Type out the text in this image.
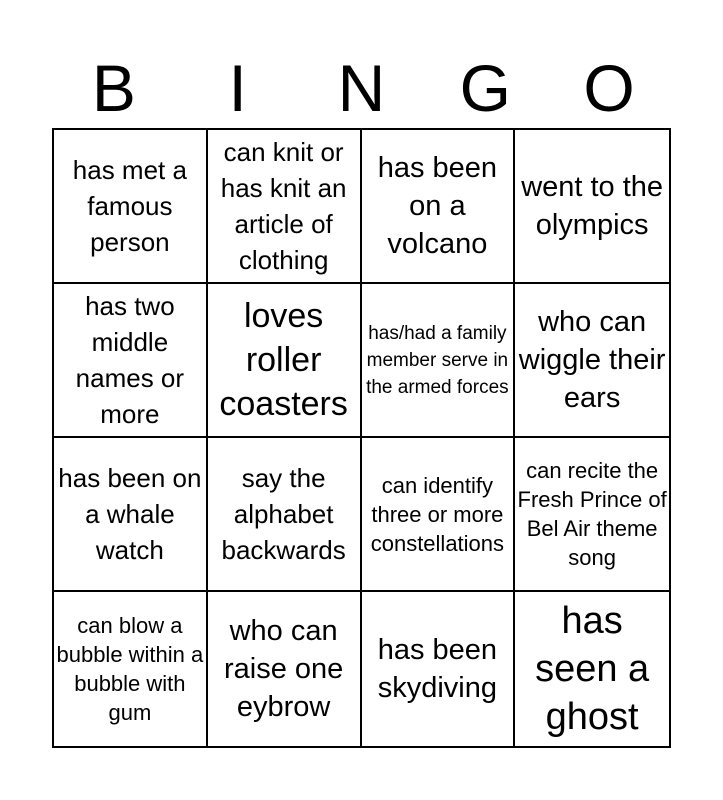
B	I	N	G	O
has met a famous person
can knit or has knit an article of clothing
has been on a volcano
went to the olympics
has two middle names or more
loves roller coasters
has/had a family member serve in the armed forces
who can wiggle their ears
has been on a whale watch
say the alphabet backwards
can identify three or more constellations
can recite the Fresh Prince of Bel Air theme song
can blow a bubble within a bubble with gum
who can raise one eybrow
has been skydiving
has seen a ghost
